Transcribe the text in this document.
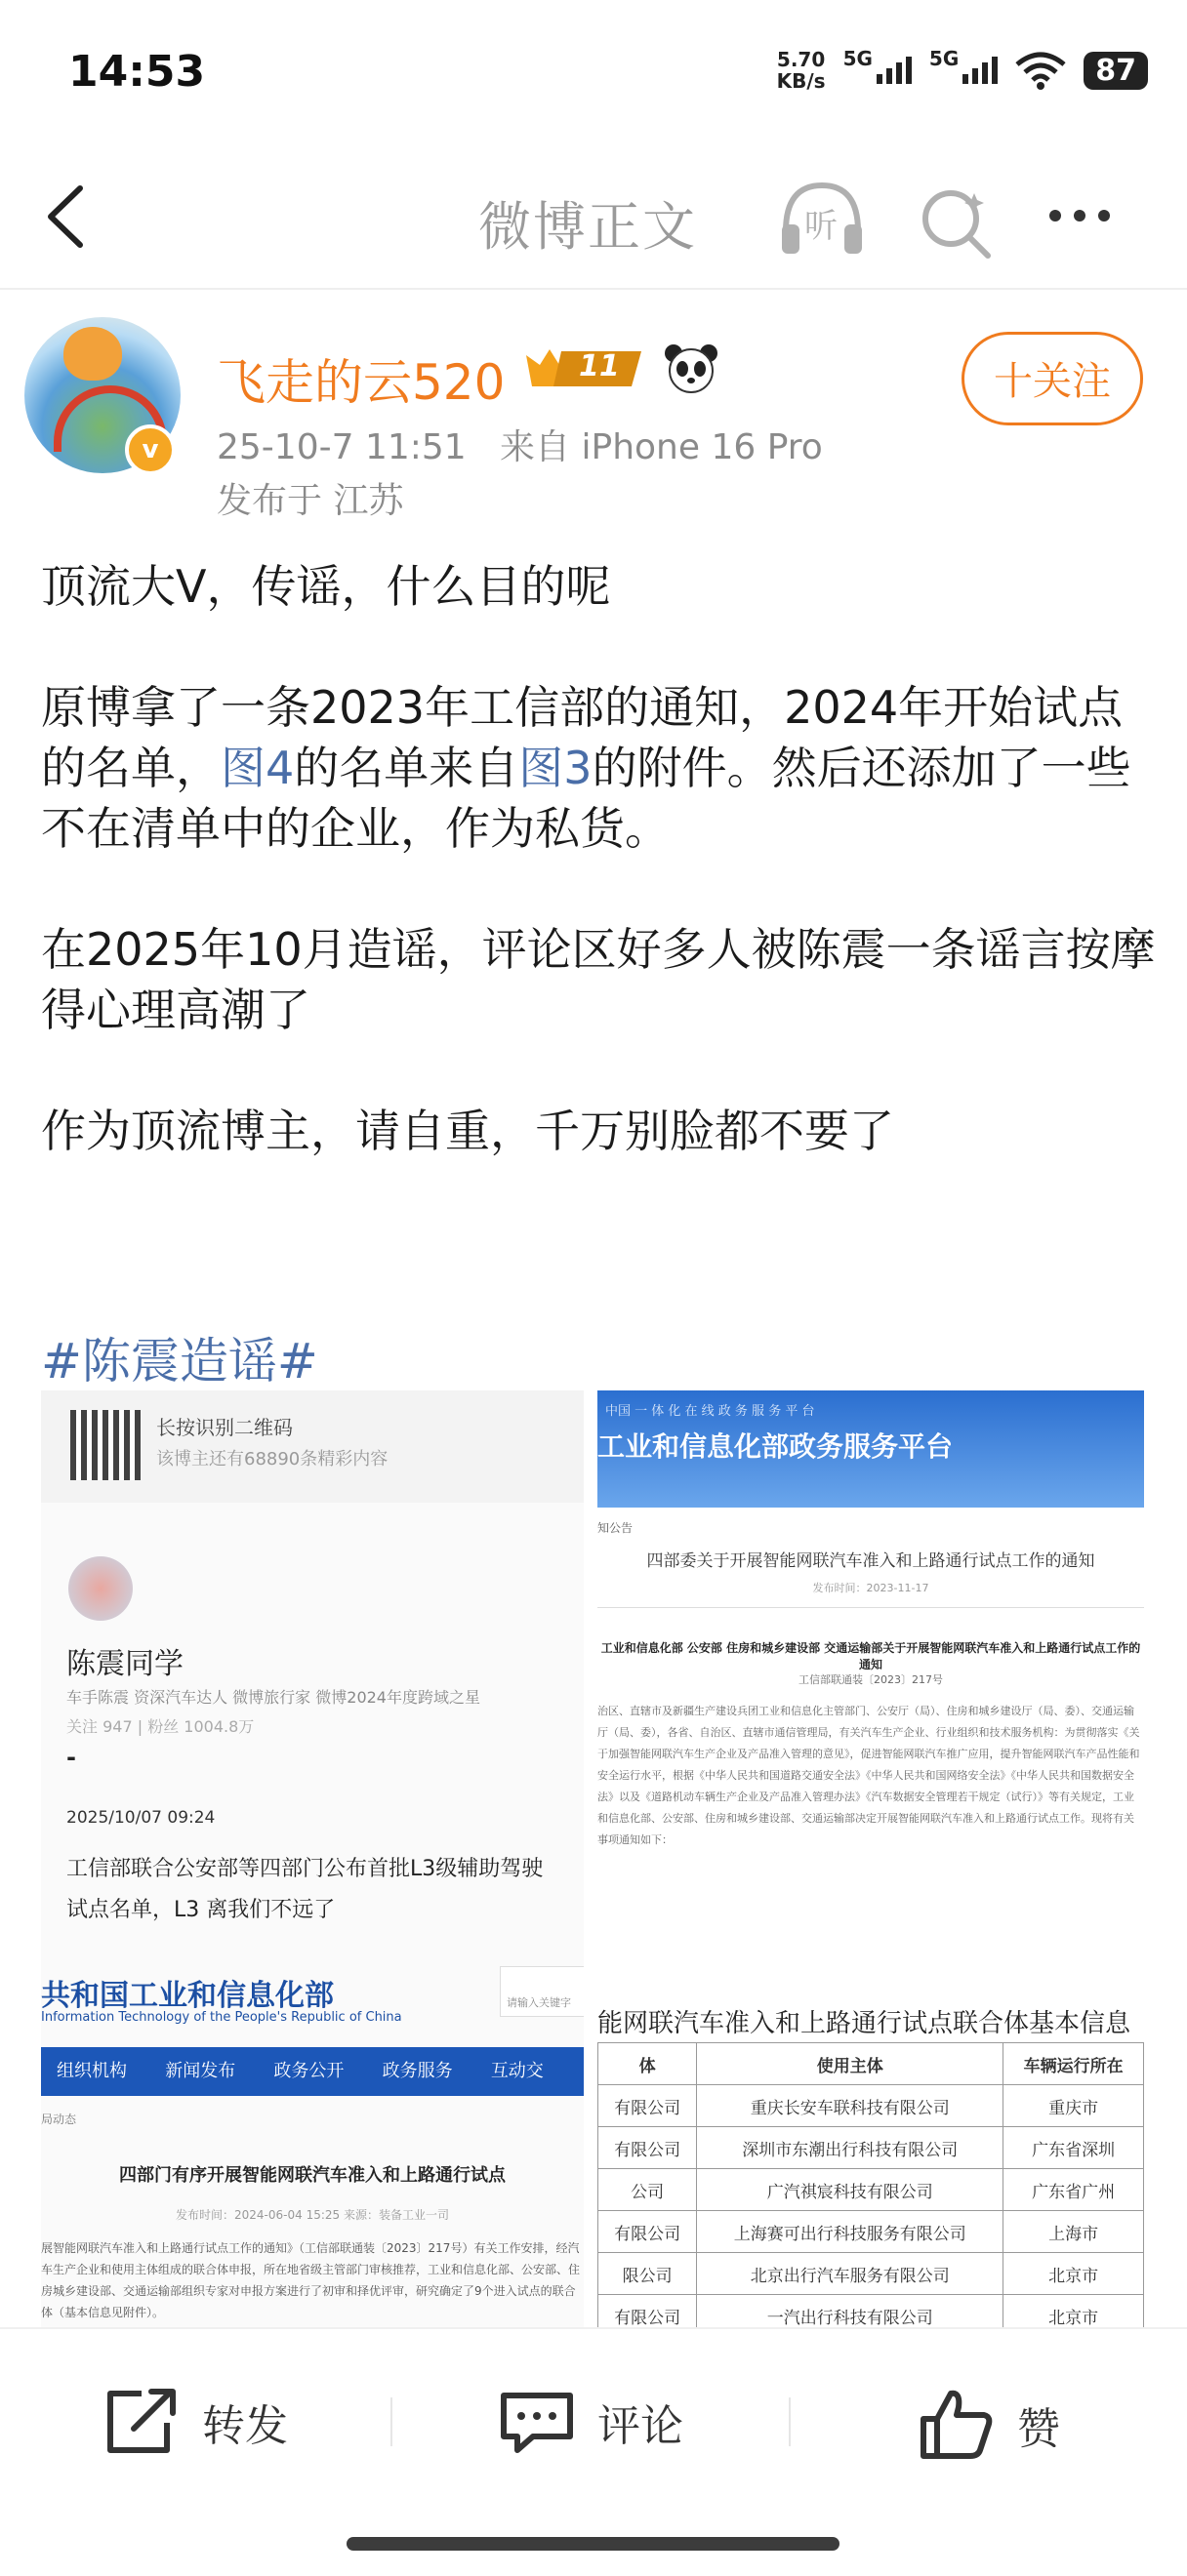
14:53	5.70
KB/s
5G	5G	87
微博正文	听
v
飞走的云520	11
25-10-7 11:51 来自 iPhone 16 Pro
发布于 江苏
十关注

顶流大V，传谣，什么目的呢

原博拿了一条2023年工信部的通知，2024年开始试点的名单，图4的名单来自图3的附件。然后还添加了一些不在清单中的企业，作为私货。

在2025年10月造谣，评论区好多人被陈震一条谣言按摩得心理高潮了

作为顶流博主，请自重，千万别脸都不要了

#陈震造谣#
长按识别二维码
该博主还有68890条精彩内容
陈震同学
车手陈震 资深汽车达人 微博旅行家 微博2024年度跨域之星
关注 947 | 粉丝 1004.8万
-
2025/10/07 09:24
工信部联合公安部等四部门公布首批L3级辅助驾驶试点名单，L3 离我们不远了
共和国工业和信息化部
Information Technology of the People's Republic of China
请输入关键字
组织机构	新闻发布	政务公开	政务服务	互动交
局动态
四部门有序开展智能网联汽车准入和上路通行试点
发布时间：2024-06-04 15:25 来源：装备工业一司
展智能网联汽车准入和上路通行试点工作的通知》（工信部联通装〔2023〕217号）有关工作安排，经汽车生产企业和使用主体组成的联合体申报，所在地省级主管部门审核推荐，工业和信息化部、公安部、住房城乡建设部、交通运输部组织专家对申报方案进行了初审和择优评审，研究确定了9个进入试点的联合体（基本信息见附件）。
中国 一 体 化 在 线 政 务 服 务 平 台
工业和信息化部政务服务平台
知公告
四部委关于开展智能网联汽车准入和上路通行试点工作的通知
发布时间：2023-11-17
工业和信息化部 公安部 住房和城乡建设部 交通运输部关于开展智能网联汽车准入和上路通行试点工作的通知
工信部联通装〔2023〕217号
治区、直辖市及新疆生产建设兵团工业和信息化主管部门、公安厅（局）、住房和城乡建设厅（局、委）、交通运输厅（局、委），各省、自治区、直辖市通信管理局，有关汽车生产企业、行业组织和技术服务机构：为贯彻落实《关于加强智能网联汽车生产企业及产品准入管理的意见》，促进智能网联汽车推广应用，提升智能网联汽车产品性能和安全运行水平，根据《中华人民共和国道路交通安全法》《中华人民共和国网络安全法》《中华人民共和国数据安全法》以及《道路机动车辆生产企业及产品准入管理办法》《汽车数据安全管理若干规定（试行）》等有关规定，工业和信息化部、公安部、住房和城乡建设部、交通运输部决定开展智能网联汽车准入和上路通行试点工作。现将有关事项通知如下：
能网联汽车准入和上路通行试点联合体基本信息
体	使用主体	车辆运行所在
有限公司	重庆长安车联科技有限公司	重庆市
有限公司	深圳市东潮出行科技有限公司	广东省深圳
公司	广汽祺宸科技有限公司	广东省广州
有限公司	上海赛可出行科技服务有限公司	上海市
限公司	北京出行汽车服务有限公司	北京市
有限公司	一汽出行科技有限公司	北京市
转发	评论	赞
